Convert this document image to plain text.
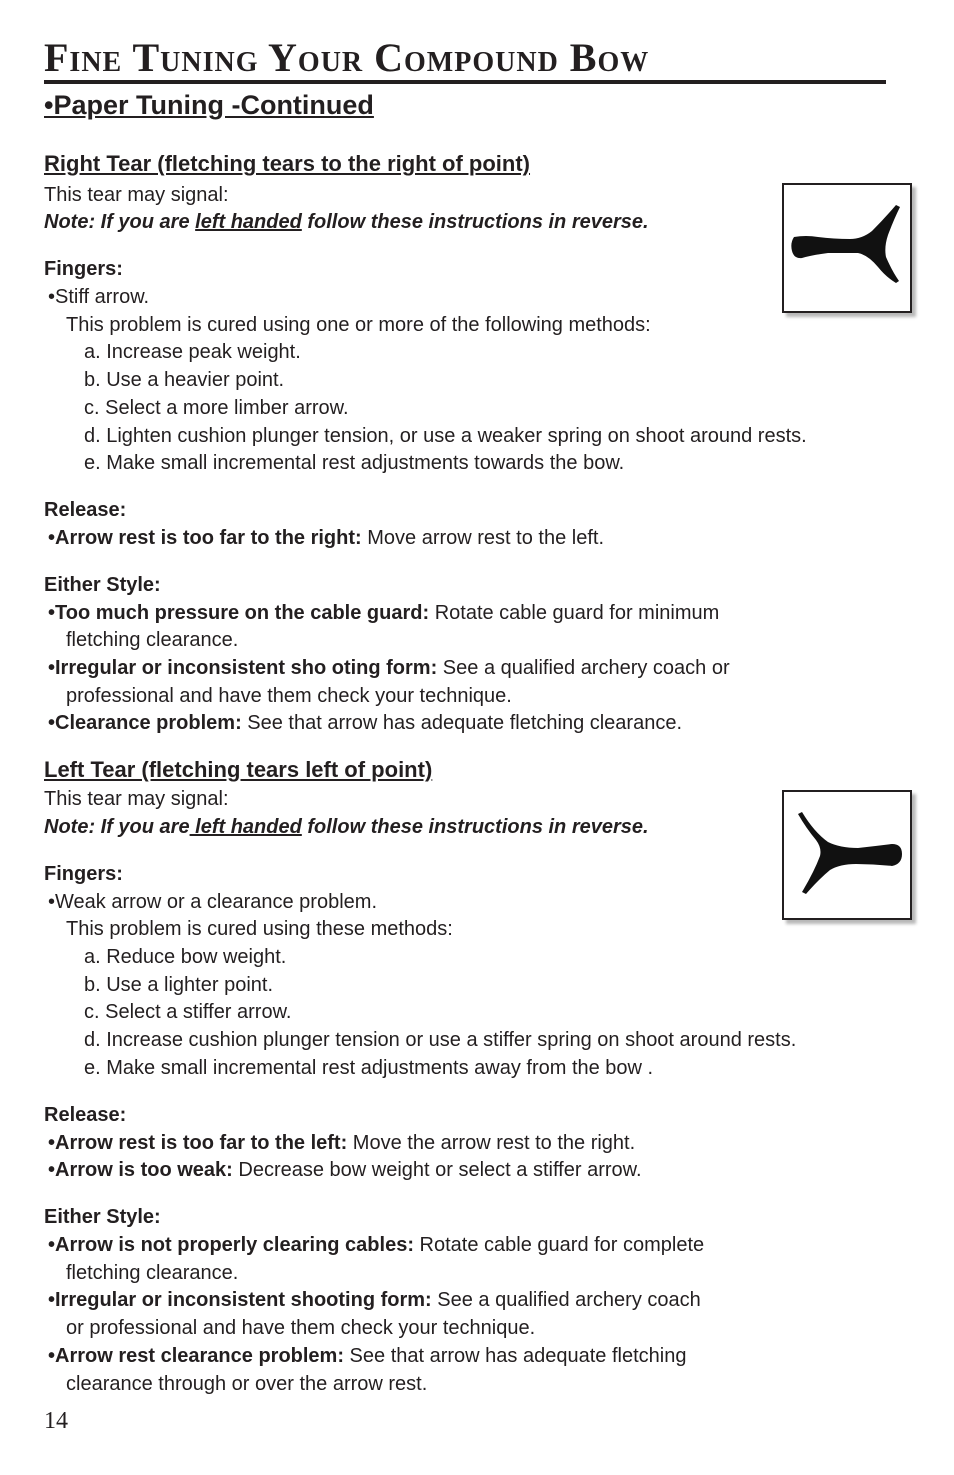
Fine Tuning Your Compound Bow
•Paper Tuning -Continued
Right Tear (fletching tears to the right of point)
This tear may signal:
Note: If you are left handed follow these instructions in reverse.
Fingers:
•Stiff arrow.
This problem is cured using one or more of the following methods:
a. Increase peak weight.
b. Use a heavier point.
c. Select a more limber arrow.
d. Lighten cushion plunger tension, or use a weaker spring on shoot around rests.
e. Make small incremental rest adjustments towards the bow.
Release:
•Arrow rest is too far to the right: Move arrow rest to the left.
Either Style:
•Too much pressure on the cable guard: Rotate cable guard for minimum
fletching clearance.
•Irregular or inconsistent sho oting form: See a qualified archery coach or
professional and have them check your technique.
•Clearance problem: See that arrow has adequate fletching clearance.
Left Tear (fletching tears left of point)
This tear may signal:
Note: If you are left handed follow these instructions in reverse.
Fingers:
•Weak arrow or a clearance problem.
This problem is cured using these methods:
a. Reduce bow weight.
b. Use a lighter point.
c. Select a stiffer arrow.
d. Increase cushion plunger tension or use a stiffer spring on shoot around rests.
e. Make small incremental rest adjustments away from the bow .
Release:
•Arrow rest is too far to the left: Move the arrow rest to the right.
•Arrow is too weak: Decrease bow weight or select a stiffer arrow.
Either Style:
•Arrow is not properly clearing cables: Rotate cable guard for complete
fletching clearance.
•Irregular or inconsistent shooting form: See a qualified archery coach
or professional and have them check your technique.
•Arrow rest clearance problem: See that arrow has adequate fletching
clearance through or over the arrow rest.
14
